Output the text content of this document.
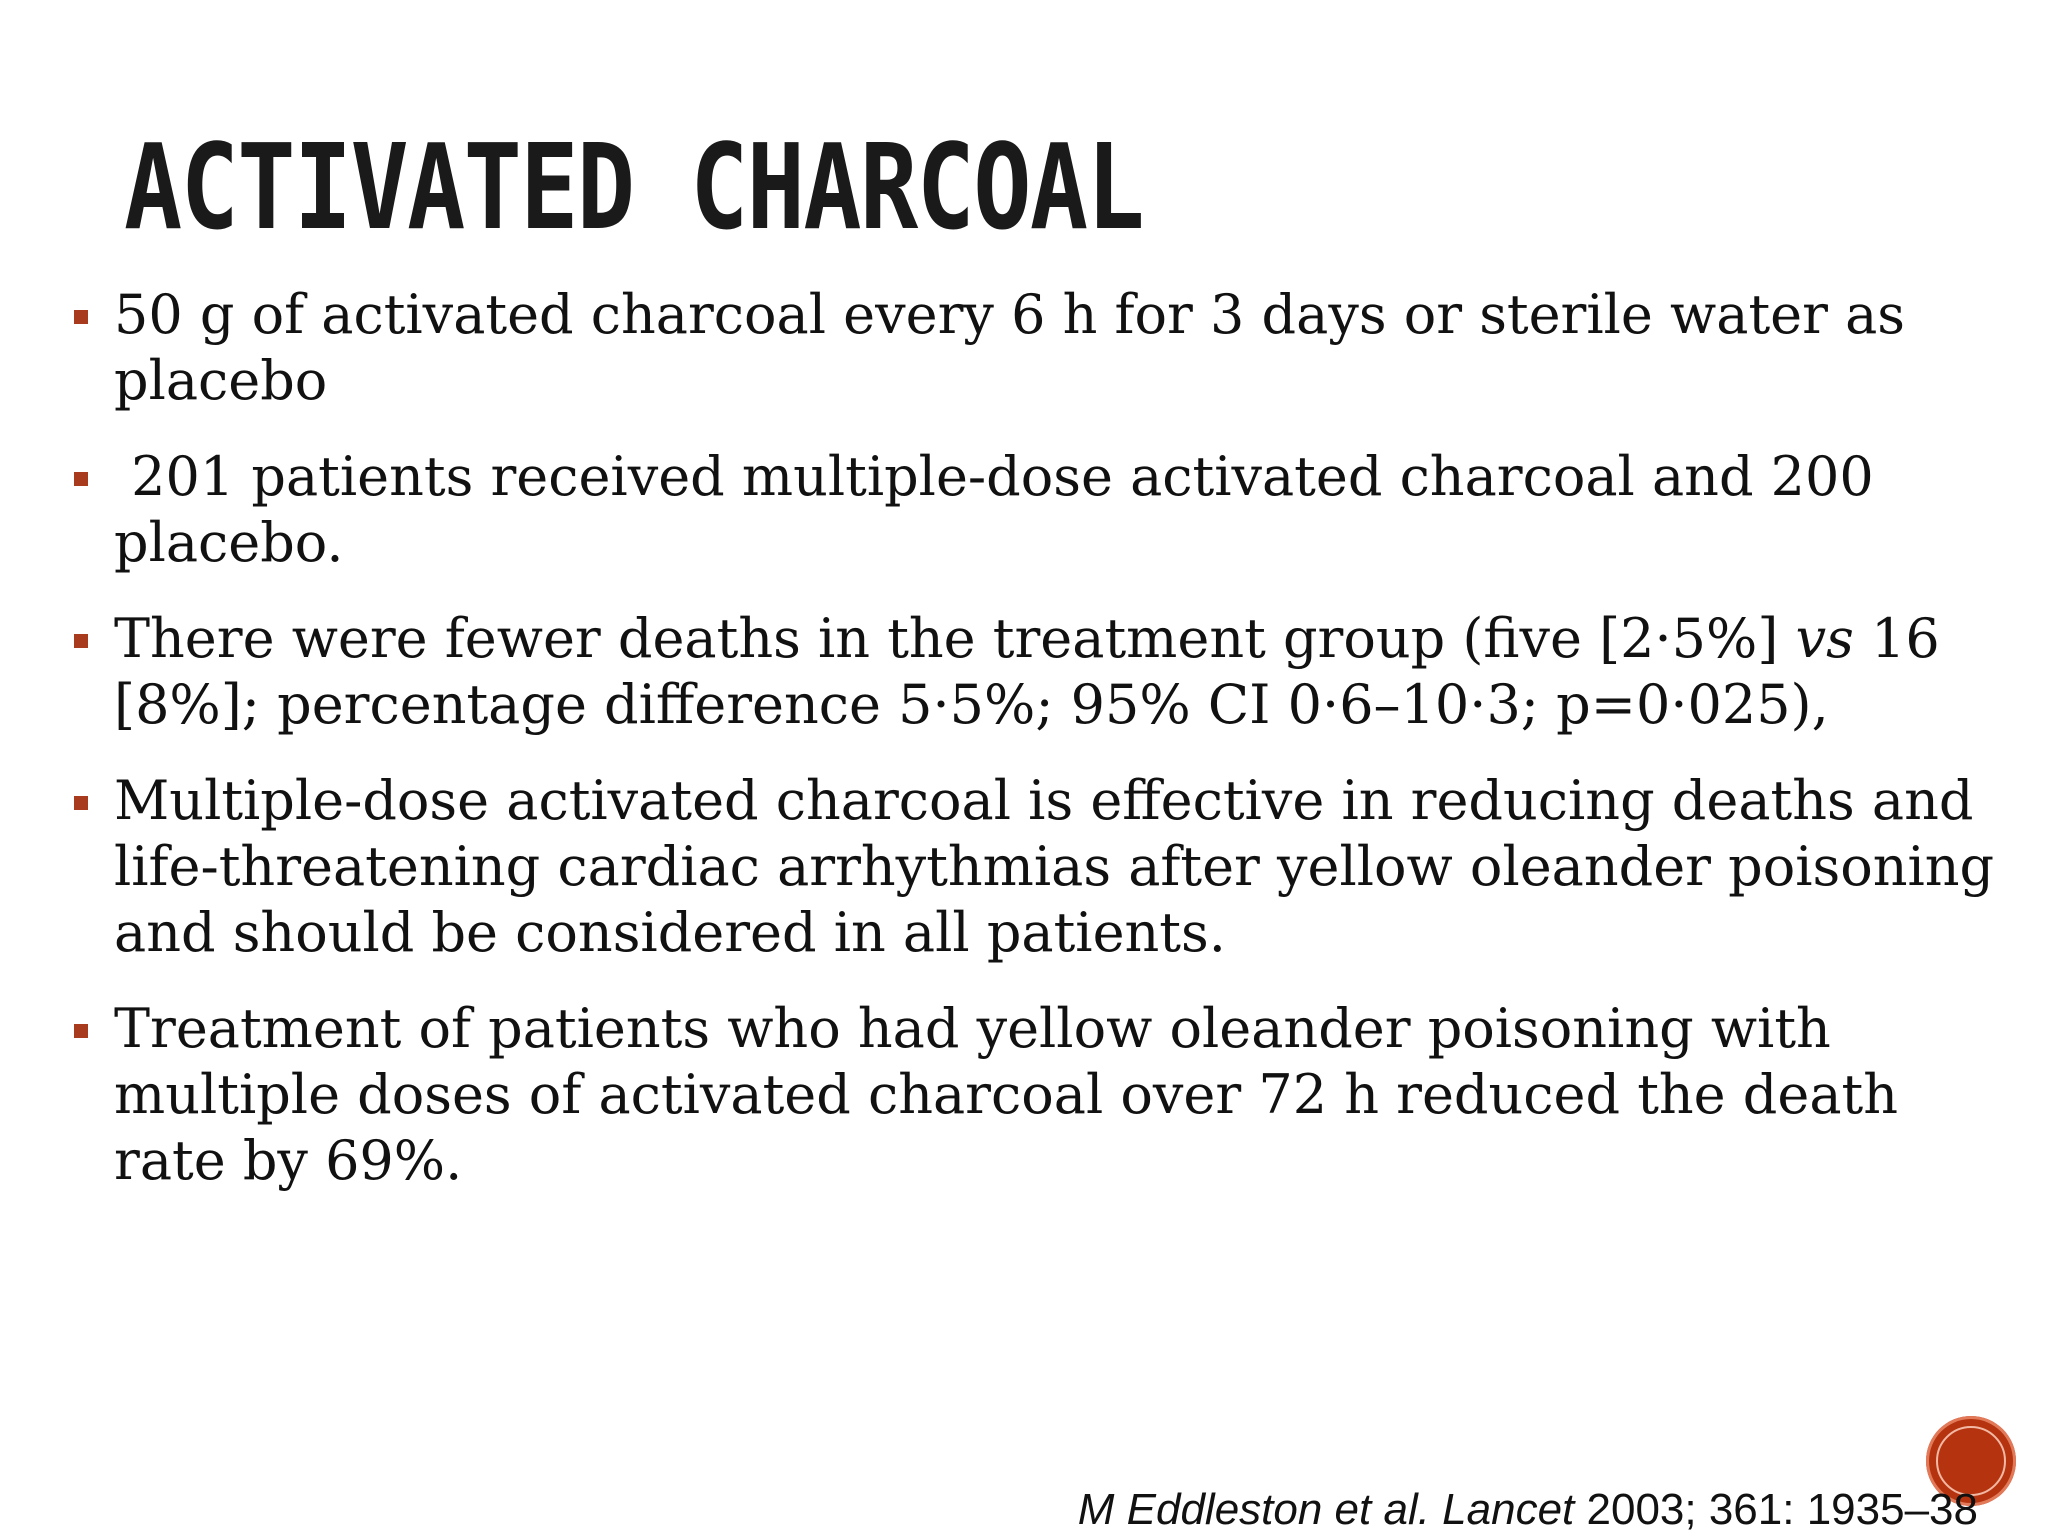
ACTIVATED CHARCOAL
50 g of activated charcoal every 6 h for 3 days or sterile water as placebo
201 patients received multiple-dose activated charcoal and 200 placebo.
There were fewer deaths in the treatment group (five [2·5%] vs 16 [8%]; percentage difference 5·5%; 95% CI 0·6–10·3; p=0·025),
Multiple-dose activated charcoal is effective in reducing deaths and life-threatening cardiac arrhythmias after yellow oleander poisoning and should be considered in all patients.
Treatment of patients who had yellow oleander poisoning with multiple doses of activated charcoal over 72 h reduced the death rate by 69%.
M Eddleston et al. Lancet 2003; 361: 1935–38
